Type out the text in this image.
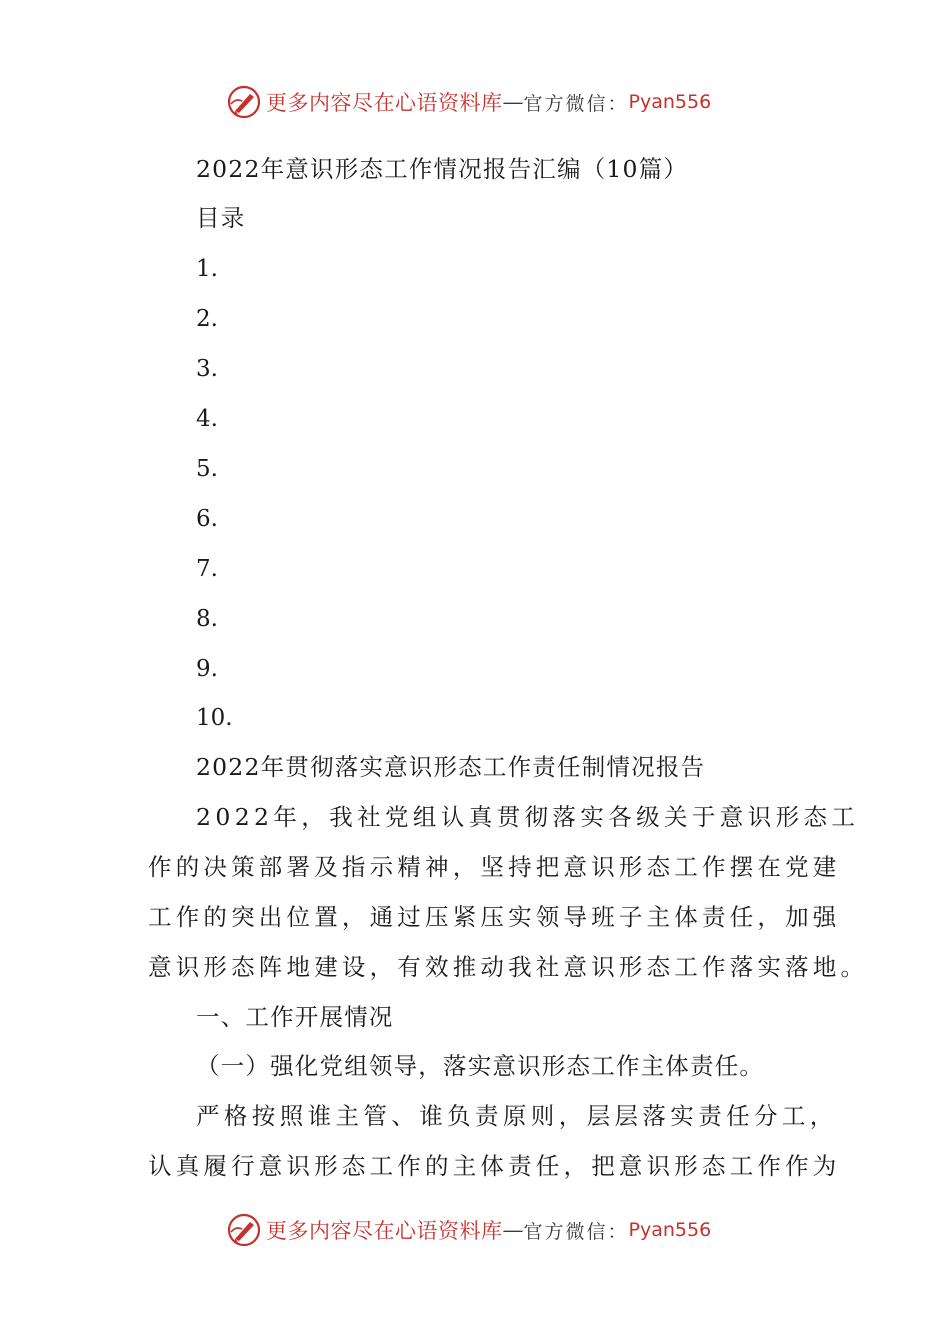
更多内容尽在心语资料库 — 官方微信： Pyan556
2022年意识形态工作情况报告汇编（10篇）
目录
1.
2.
3.
4.
5.
6.
7.
8.
9.
10.
2022年贯彻落实意识形态工作责任制情况报告
2022年，我社党组认真贯彻落实各级关于意识形态工
作的决策部署及指示精神，坚持把意识形态工作摆在党建
工作的突出位置，通过压紧压实领导班子主体责任，加强
意识形态阵地建设，有效推动我社意识形态工作落实落地。
一、工作开展情况
（一）强化党组领导，落实意识形态工作主体责任。
严格按照谁主管、谁负责原则，层层落实责任分工，
认真履行意识形态工作的主体责任，把意识形态工作作为
更多内容尽在心语资料库 — 官方微信： Pyan556
